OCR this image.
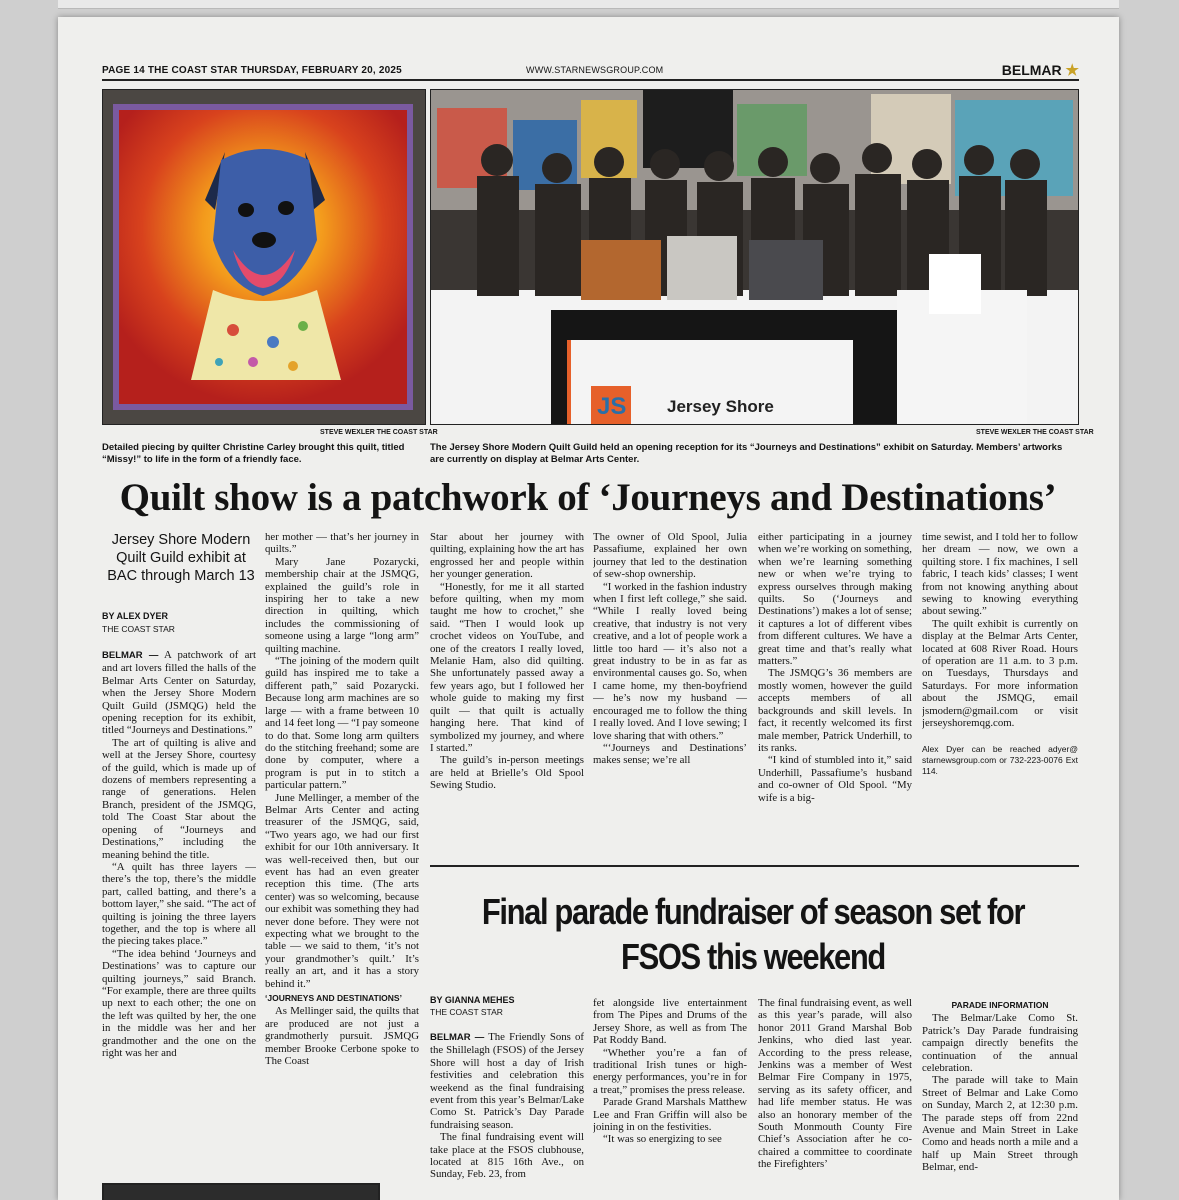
PAGE 14 THE COAST STAR THURSDAY, FEBRUARY 20, 2025	WWW.STARNEWSGROUP.COM	BELMAR ★
JS Jersey Shore
STEVE WEXLER THE COAST STAR	STEVE WEXLER THE COAST STAR
Detailed piecing by quilter Christine Carley brought this quilt, titled “Missy!” to life in the form of a friendly face.
The Jersey Shore Modern Quilt Guild held an opening reception for its “Journeys and Destinations” exhibit on Saturday. Members’ artworks are currently on display at Belmar Arts Center.
Quilt show is a patchwork of ‘Journeys and Destinations’
Jersey Shore Modern Quilt Guild exhibit at BAC through March 13
BY ALEX DYER
THE COAST STAR

BELMAR — A patchwork of art and art lovers filled the halls of the Belmar Arts Center on Saturday, when the Jersey Shore Modern Quilt Guild (JSMQG) held the opening reception for its exhibit, titled “Journeys and Destinations.”

The art of quilting is alive and well at the Jersey Shore, courtesy of the guild, which is made up of dozens of members representing a range of generations. Helen Branch, president of the JSMQG, told The Coast Star about the opening of “Journeys and Destinations,” including the meaning behind the title.

“A quilt has three layers — there’s the top, there’s the middle part, called batting, and there’s a bottom layer,” she said. “The act of quilting is joining the three layers together, and the top is where all the piecing takes place.”

“The idea behind ‘Journeys and Destinations’ was to capture our quilting journeys,” said Branch. “For example, there are three quilts up next to each other; the one on the left was quilted by her, the one in the middle was her and her grandmother and the one on the right was her and

her mother — that’s her journey in quilts.”

Mary Jane Pozarycki, membership chair at the JSMQG, explained the guild’s role in inspiring her to take a new direction in quilting, which includes the commissioning of someone using a large “long arm” quilting machine.

“The joining of the modern quilt guild has inspired me to take a different path,” said Pozarycki. Because long arm machines are so large — with a frame between 10 and 14 feet long — “I pay someone to do that. Some long arm quilters do the stitching freehand; some are done by computer, where a program is put in to stitch a particular pattern.”

June Mellinger, a member of the Belmar Arts Center and acting treasurer of the JSMQG, said, “Two years ago, we had our first exhibit for our 10th anniversary. It was well-received then, but our event has had an even greater reception this time. (The arts center) was so welcoming, because our exhibit was something they had never done before. They were not expecting what we brought to the table — we said to them, ‘it’s not your grandmother’s quilt.’ It’s really an art, and it has a story behind it.”

‘JOURNEYS AND DESTINATIONS’

As Mellinger said, the quilts that are produced are not just a grandmotherly pursuit. JSMQG member Brooke Cerbone spoke to The Coast

Star about her journey with quilting, explaining how the art has engrossed her and people within her younger generation.

“Honestly, for me it all started before quilting, when my mom taught me how to crochet,” she said. “Then I would look up crochet videos on YouTube, and one of the creators I really loved, Melanie Ham, also did quilting. She unfortunately passed away a few years ago, but I followed her whole guide to making my first quilt — that quilt is actually hanging here. That kind of symbolized my journey, and where I started.”

The guild’s in-person meetings are held at Brielle’s Old Spool Sewing Studio.

The owner of Old Spool, Julia Passafiume, explained her own journey that led to the destination of sew-shop ownership.

“I worked in the fashion industry when I first left college,” she said. “While I really loved being creative, that industry is not very creative, and a lot of people work a little too hard — it’s also not a great industry to be in as far as environmental causes go. So, when I came home, my then-boyfriend — he’s now my husband — encouraged me to follow the thing I really loved. And I love sewing; I love sharing that with others.”

“‘Journeys and Destinations’ makes sense; we’re all

either participating in a journey when we’re working on something, when we’re learning something new or when we’re trying to express ourselves through making quilts. So (‘Journeys and Destinations’) makes a lot of sense; it captures a lot of different vibes from different cultures. We have a great time and that’s really what matters.”

The JSMQG’s 36 members are mostly women, however the guild accepts members of all backgrounds and skill levels. In fact, it recently welcomed its first male member, Patrick Underhill, to its ranks.

“I kind of stumbled into it,” said Underhill, Passafiume’s husband and co-owner of Old Spool. “My wife is a big-

time sewist, and I told her to follow her dream — now, we own a quilting store. I fix machines, I sell fabric, I teach kids’ classes; I went from not knowing anything about sewing to knowing everything about sewing.”

The quilt exhibit is currently on display at the Belmar Arts Center, located at 608 River Road. Hours of operation are 11 a.m. to 3 p.m. on Tuesdays, Thursdays and Saturdays. For more information about the JSMQG, email jsmodern@gmail.com or visit jerseyshoremqg.com.

Alex Dyer can be reached adyer@ starnewsgroup.com or 732-223-0076 Ext 114.
Final parade fundraiser of season set for FSOS this weekend
BY GIANNA MEHES
THE COAST STAR

BELMAR — The Friendly Sons of the Shillelagh (FSOS) of the Jersey Shore will host a day of Irish festivities and celebration this weekend as the final fundraising event from this year’s Belmar/Lake Como St. Patrick’s Day Parade fundraising season.

The final fundraising event will take place at the FSOS clubhouse, located at 815 16th Ave., on Sunday, Feb. 23, from

fet alongside live entertainment from The Pipes and Drums of the Jersey Shore, as well as from The Pat Roddy Band.

“Whether you’re a fan of traditional Irish tunes or high-energy performances, you’re in for a treat,” promises the press release.

Parade Grand Marshals Matthew Lee and Fran Griffin will also be joining in on the festivities.

“It was so energizing to see

The final fundraising event, as well as this year’s parade, will also honor 2011 Grand Marshal Bob Jenkins, who died last year. According to the press release, Jenkins was a member of West Belmar Fire Company in 1975, serving as its safety officer, and had life member status. He was also an honorary member of the South Monmouth County Fire Chief’s Association after he co-chaired a committee to coordinate the Firefighters’

PARADE INFORMATION

The Belmar/Lake Como St. Patrick’s Day Parade fundraising campaign directly benefits the continuation of the annual celebration.

The parade will take to Main Street of Belmar and Lake Como on Sunday, March 2, at 12:30 p.m. The parade steps off from 22nd Avenue and Main Street in Lake Como and heads north a mile and a half up Main Street through Belmar, end-
